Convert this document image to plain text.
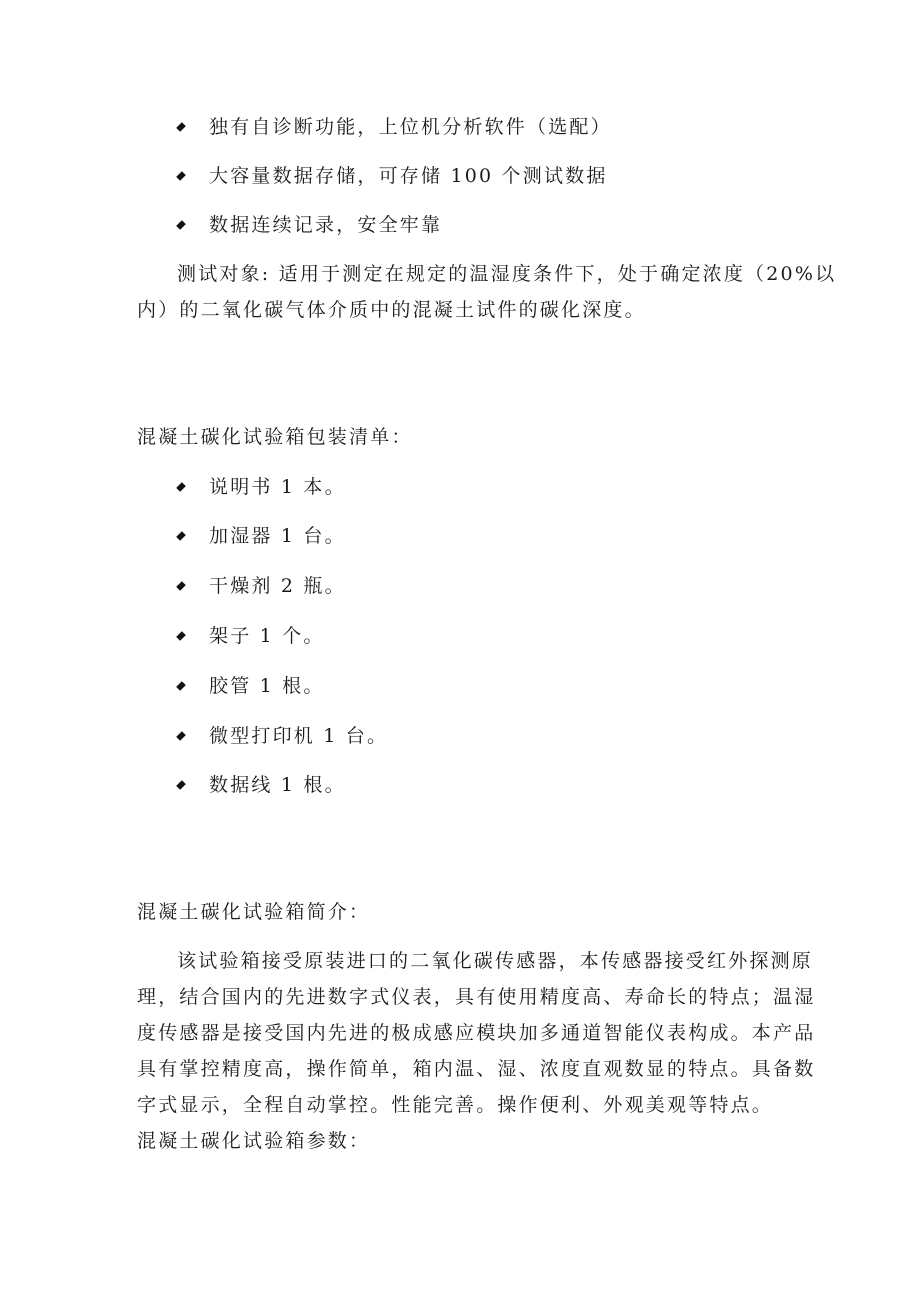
独有自诊断功能，上位机分析软件（选配）
大容量数据存储，可存储 100 个测试数据
数据连续记录，安全牢靠
测试对象: 适用于测定在规定的温湿度条件下，处于确定浓度（20%以
内）的二氧化碳气体介质中的混凝土试件的碳化深度。
混凝土碳化试验箱包装清单：
说明书 1 本。
加湿器 1 台。
干燥剂 2 瓶。
架子 1 个。
胶管 1 根。
微型打印机 1 台。
数据线 1 根。
混凝土碳化试验箱简介：
该试验箱接受原装进口的二氧化碳传感器，本传感器接受红外探测原
理，结合国内的先进数字式仪表，具有使用精度高、寿命长的特点；温湿
度传感器是接受国内先进的极成感应模块加多通道智能仪表构成。本产品
具有掌控精度高，操作简单，箱内温、湿、浓度直观数显的特点。具备数
字式显示，全程自动掌控。性能完善。操作便利、外观美观等特点。
混凝土碳化试验箱参数：
